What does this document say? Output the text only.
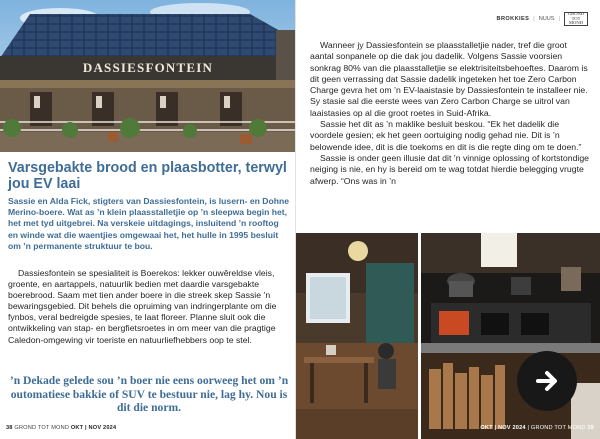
DASSIESFONTEIN
Varsgebakte brood en plaasbotter, terwyl jou EV laai

Sassie en Alda Fick, stigters van Dassiesfontein, is lusern- en Dohne Merino-boere. Wat as ’n klein plaasstalletjie op ’n sleepwa begin het, het met tyd uitgebrei. Na verskeie uitdagings, insluitend ’n rooftog en winde wat die waentjies omgewaai het, het hulle in 1995 besluit om ’n permanente struktuur te bou.

Dassiesfontein se spesialiteit is Boerekos: lekker ouwêreldse vleis, groente, en aartappels, natuurlik bedien met daardie varsgebakte boerebrood. Saam met tien ander boere in die streek skep Sassie ’n bewaringsgebied. Dit behels die opruiming van indringerplante om die fynbos, veral bedreigde spesies, te laat floreer. Planne sluit ook die ontwikkeling van stap- en bergfietsroetes in om meer van die pragtige Caledon-omgewing vir toeriste en natuurliefhebbers oop te stel.

’n Dekade gelede sou ’n boer nie eens oorweeg het om ’n outomatiese bakkie of SUV te bestuur nie, lag hy. Nou is dit die norm.
38 GROND TOT MOND OKT | NOV 2024
BROKKIES | NUUS |
GROND
TOT
MOND

Wanneer jy Dassiesfontein se plaasstalletjie nader, tref die groot aantal sonpanele op die dak jou dadelik. Volgens Sassie voorsien sonkrag 80% van die plaasstalletjie se elektrisiteitsbehoeftes. Daarom is dit geen verrassing dat Sassie dadelik ingeteken het toe Zero Carbon Charge gevra het om ’n EV-laaistasie by Dassiesfontein te installeer nie. Sy stasie sal die eerste wees van Zero Carbon Charge se uitrol van laaistasies op al die groot roetes in Suid-Afrika.

Sassie het dit as ’n maklike besluit beskou. “Ek het dadelik die voordele gesien; ek het geen oortuiging nodig gehad nie. Dit is ’n belowende idee, dit is die toekoms en dit is die regte ding om te doen.”

Sassie is onder geen illusie dat dit ’n vinnige oplossing of kortstondige neiging is nie, en hy is bereid om te wag totdat hierdie belegging vrugte afwerp. “Ons was in ’n

OKT | NOV 2024 | GROND TOT MOND 39
